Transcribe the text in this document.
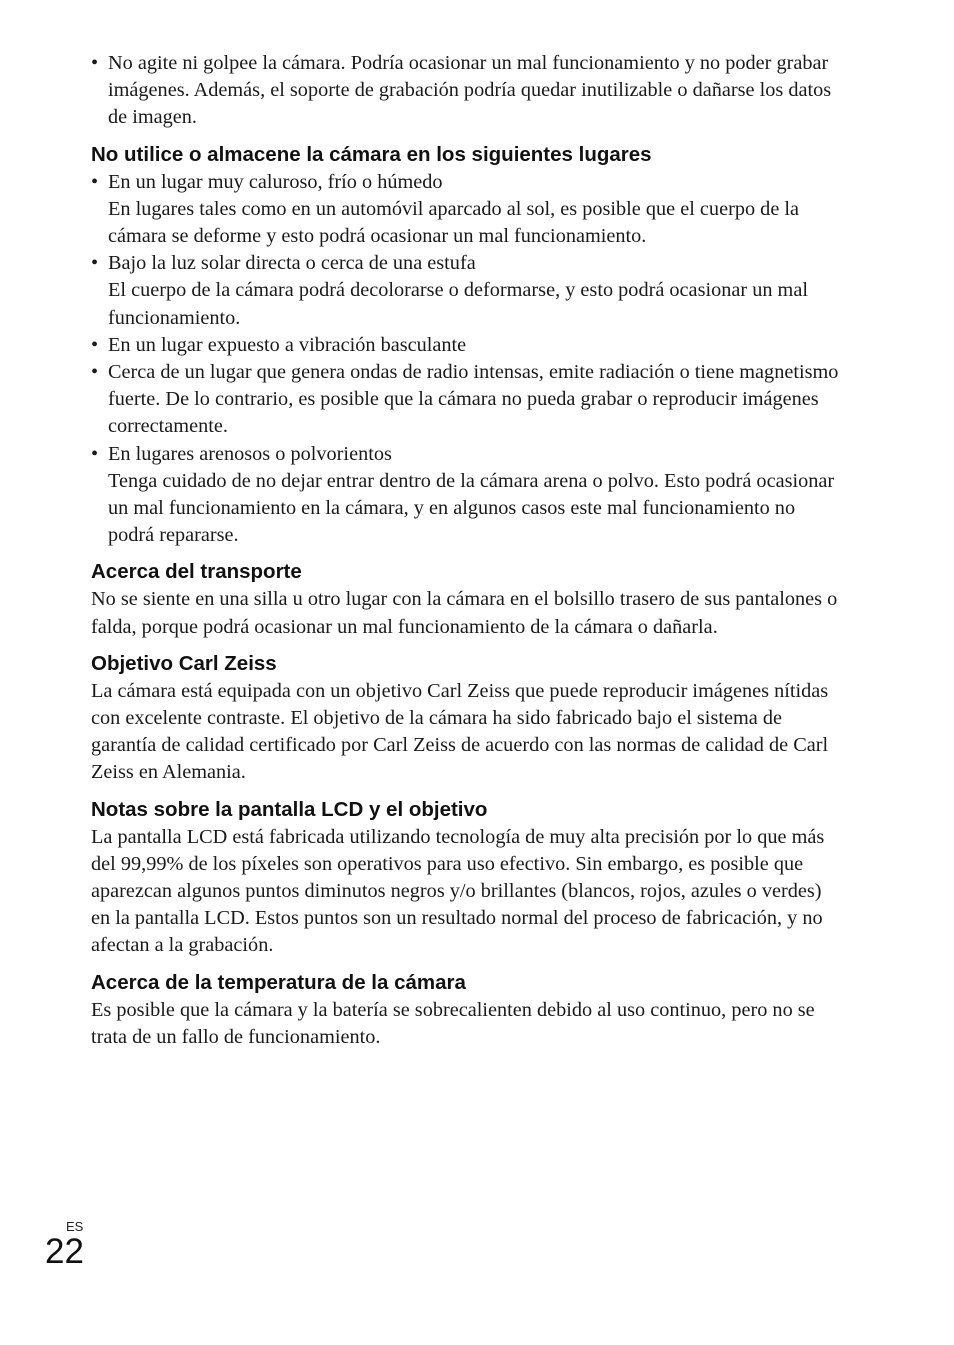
• No agite ni golpee la cámara. Podría ocasionar un mal funcionamiento y no poder grabar imágenes. Además, el soporte de grabación podría quedar inutilizable o dañarse los datos de imagen.

No utilice o almacene la cámara en los siguientes lugares

• En un lugar muy caluroso, frío o húmedo
En lugares tales como en un automóvil aparcado al sol, es posible que el cuerpo de la cámara se deforme y esto podrá ocasionar un mal funcionamiento.

• Bajo la luz solar directa o cerca de una estufa
El cuerpo de la cámara podrá decolorarse o deformarse, y esto podrá ocasionar un mal funcionamiento.

• En un lugar expuesto a vibración basculante

• Cerca de un lugar que genera ondas de radio intensas, emite radiación o tiene magnetismo fuerte. De lo contrario, es posible que la cámara no pueda grabar o reproducir imágenes correctamente.

• En lugares arenosos o polvorientos
Tenga cuidado de no dejar entrar dentro de la cámara arena o polvo. Esto podrá ocasionar un mal funcionamiento en la cámara, y en algunos casos este mal funcionamiento no podrá repararse.

Acerca del transporte

No se siente en una silla u otro lugar con la cámara en el bolsillo trasero de sus pantalones o falda, porque podrá ocasionar un mal funcionamiento de la cámara o dañarla.

Objetivo Carl Zeiss

La cámara está equipada con un objetivo Carl Zeiss que puede reproducir imágenes nítidas con excelente contraste. El objetivo de la cámara ha sido fabricado bajo el sistema de garantía de calidad certificado por Carl Zeiss de acuerdo con las normas de calidad de Carl Zeiss en Alemania.

Notas sobre la pantalla LCD y el objetivo

La pantalla LCD está fabricada utilizando tecnología de muy alta precisión por lo que más del 99,99% de los píxeles son operativos para uso efectivo. Sin embargo, es posible que aparezcan algunos puntos diminutos negros y/o brillantes (blancos, rojos, azules o verdes) en la pantalla LCD. Estos puntos son un resultado normal del proceso de fabricación, y no afectan a la grabación.

Acerca de la temperatura de la cámara

Es posible que la cámara y la batería se sobrecalienten debido al uso continuo, pero no se trata de un fallo de funcionamiento.

ES
22
